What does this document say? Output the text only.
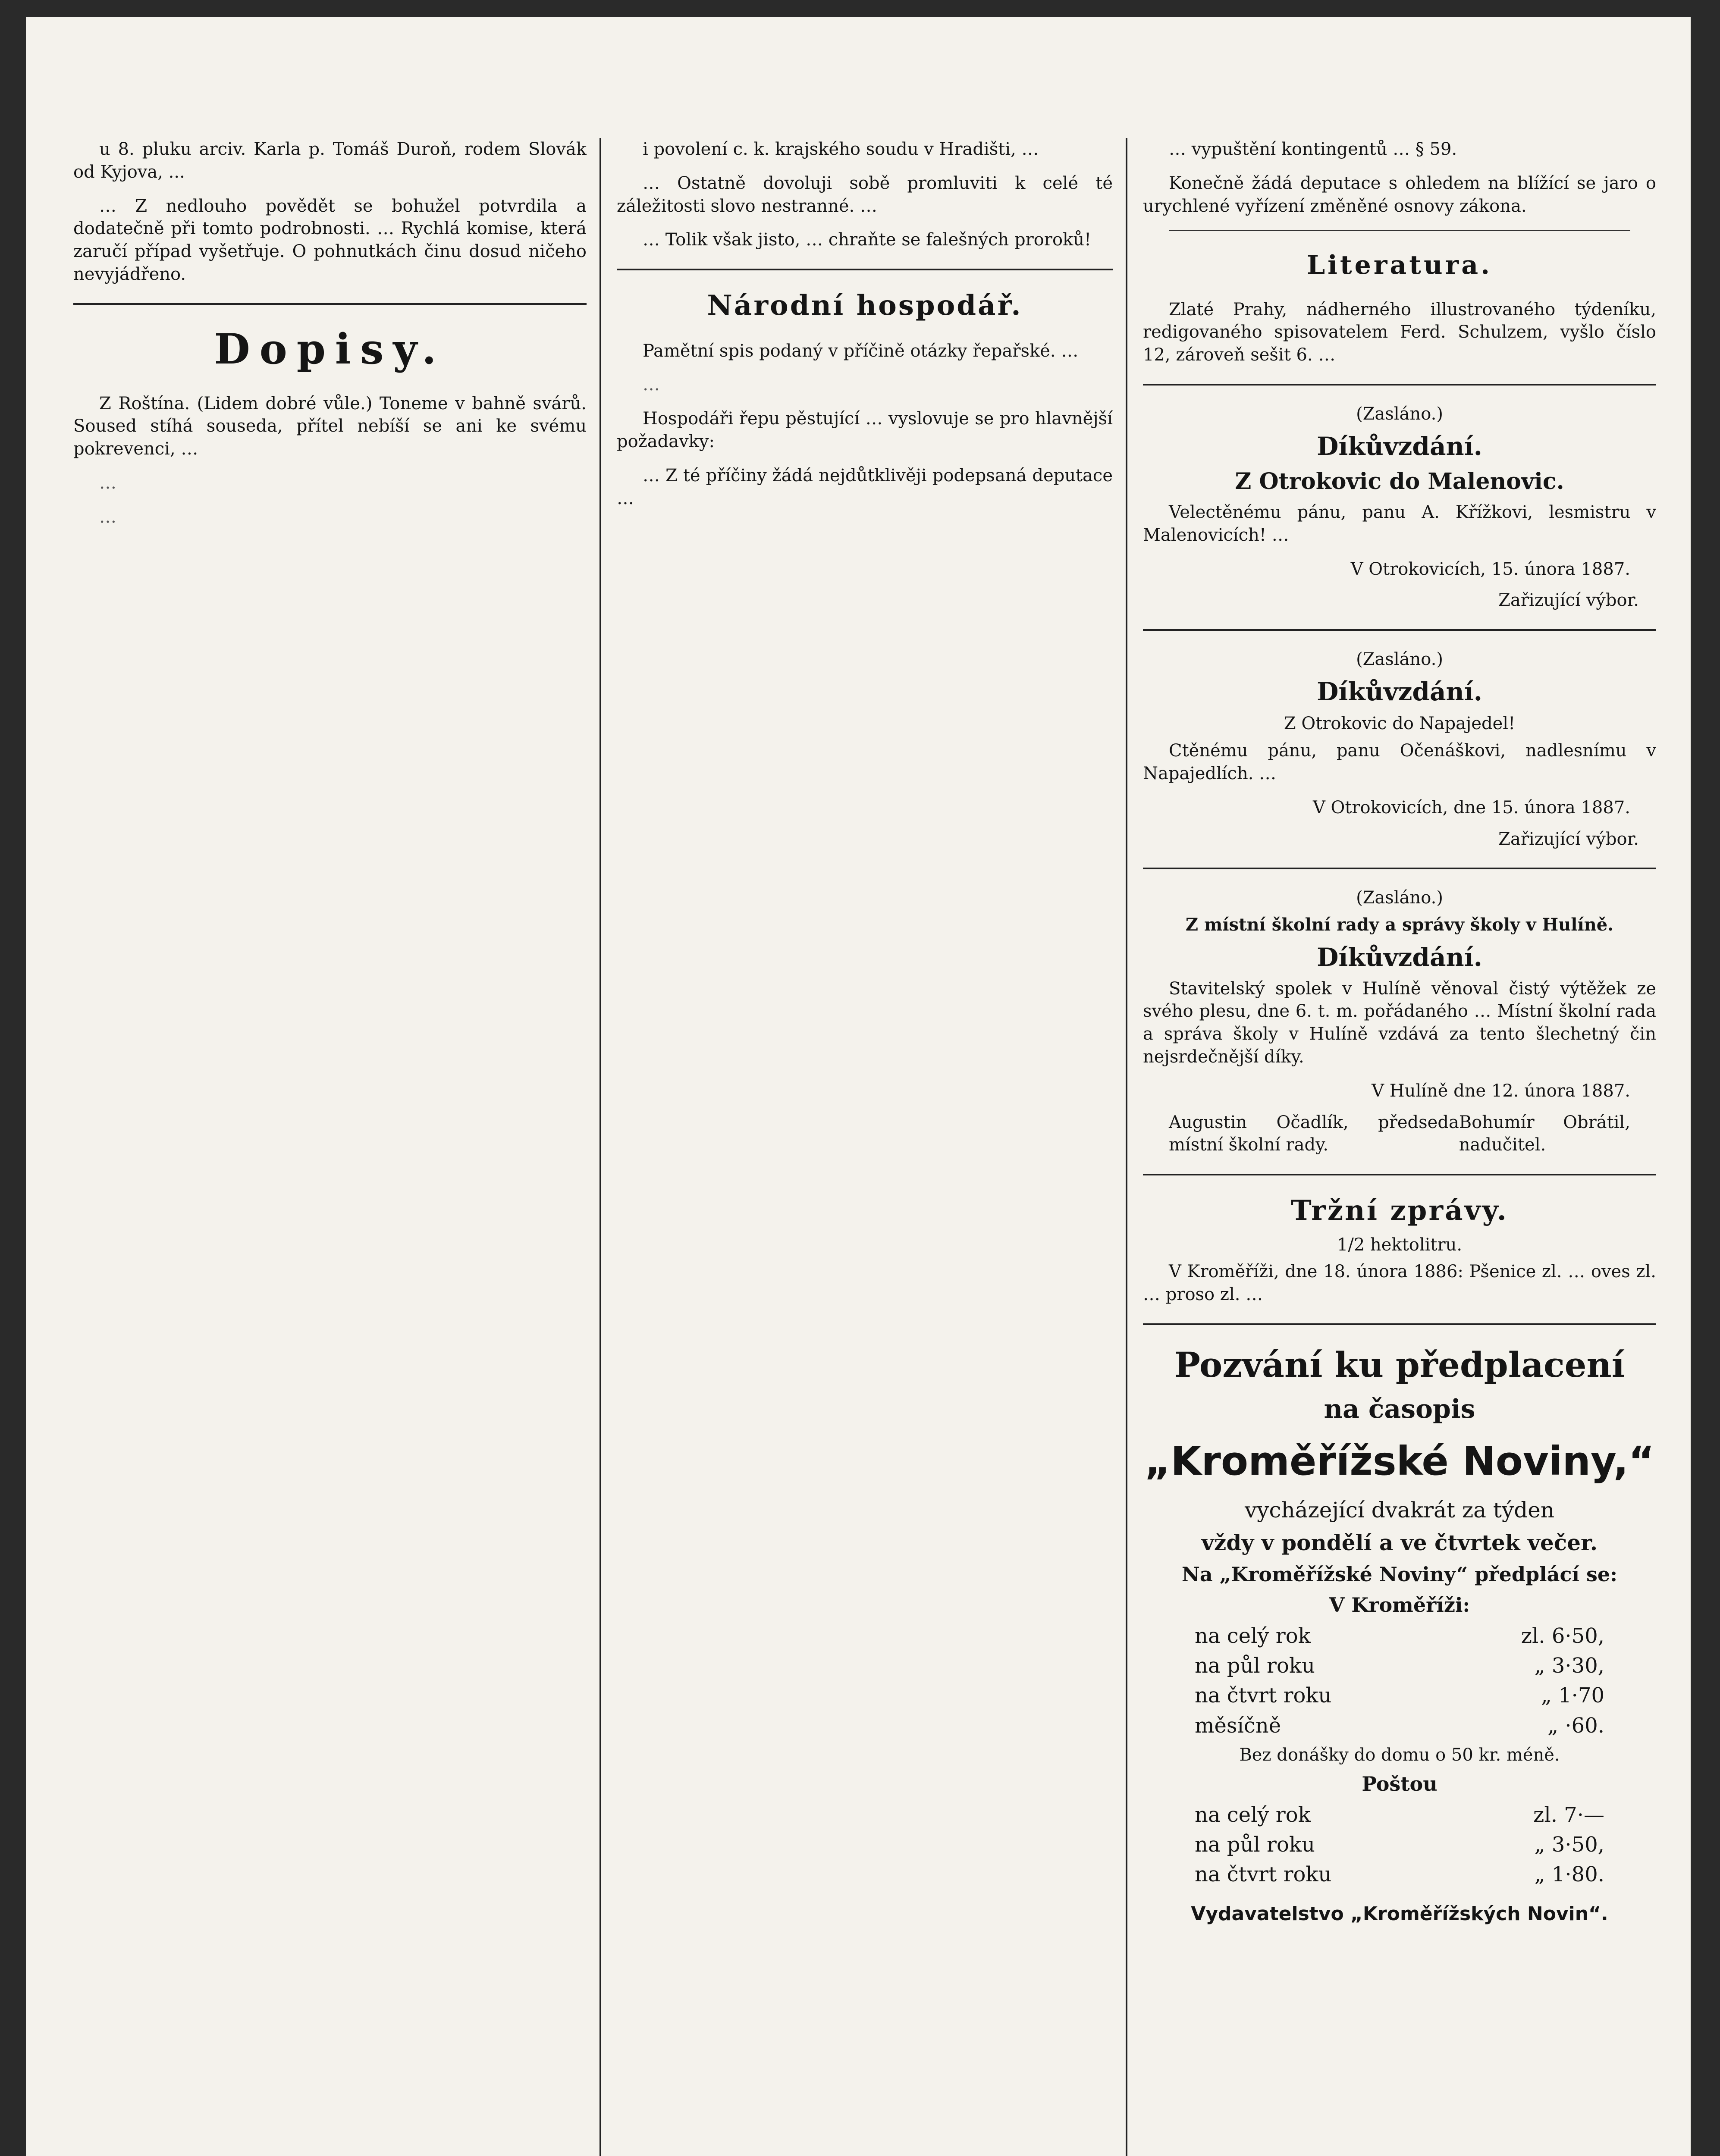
u 8. pluku arciv. Karla p. Tomáš Duroň, rodem Slovák od Kyjova, ...

… Z nedlouho povědět se bohužel potvrdila a dodatečně při tomto podrobnosti. … Rychlá komise, která zaručí případ vyšetřuje. O pohnutkách činu dosud ničeho nevyjádřeno.

Dopisy.

Z Roštína. (Lidem dobré vůle.) Toneme v bahně svárů. Soused stíhá souseda, přítel nebíší se ani ke svému pokrevenci, …

…

…

i povolení c. k. krajského soudu v Hradišti, …

… Ostatně dovoluji sobě promluviti k celé té záležitosti slovo nestranné. …

… Tolik však jisto, … chraňte se falešných proroků!

Národní hospodář.

Pamětní spis podaný v příčině otázky řepařské. …

…

Hospodáři řepu pěstující … vyslovuje se pro hlavnější požadavky:

… Z té příčiny žádá nejdůtklivěji podepsaná deputace …

… vypuštění kontingentů … § 59.

Konečně žádá deputace s ohledem na blížící se jaro o urychlené vyřízení změněné osnovy zákona.

Literatura.

Zlaté Prahy, nádherného illustrovaného týdeníku, redigovaného spisovatelem Ferd. Schulzem, vyšlo číslo 12, zároveň sešit 6. …

(Zasláno.)
Díkůvzdání.
Z Otrokovic do Malenovic.

Velectěnému pánu, panu A. Křížkovi, lesmistru v Malenovicích! …

V Otrokovicích, 15. února 1887.
Zařizující výbor.
(Zasláno.)
Díkůvzdání.
Z Otrokovic do Napajedel!

Ctěnému pánu, panu Očenáškovi, nadlesnímu v Napajedlích. …

V Otrokovicích, dne 15. února 1887.
Zařizující výbor.
(Zasláno.)
Z místní školní rady a správy školy v Hulíně.
Díkůvzdání.

Stavitelský spolek v Hulíně věnoval čistý výtěžek ze svého plesu, dne 6. t. m. pořádaného … Místní školní rada a správa školy v Hulíně vzdává za tento šlechetný čin nejsrdečnější díky.

V Hulíně dne 12. února 1887.
Augustin Očadlík, předseda místní školní rady.
Bohumír Obrátil, nadučitel.
Tržní zprávy.
1/2 hektolitru.

V Kroměříži, dne 18. února 1886: Pšenice zl. … oves zl. … proso zl. …

Pozvání ku předplacení
na časopis
„Kroměřížské Noviny,“
vycházející dvakrát za týden
vždy v pondělí a ve čtvrtek večer.
Na „Kroměřížské Noviny“ předplácí se:
V Kroměříži:
na celý rok	zl. 6·50,
na půl roku	„ 3·30,
na čtvrt roku	„ 1·70
měsíčně	„ ·60.
Bez donášky do domu o 50 kr. méně.
Poštou
na celý rok	zl. 7·—
na půl roku	„ 3·50,
na čtvrt roku	„ 1·80.
Vydavatelstvo „Kroměřížských Novin“.
